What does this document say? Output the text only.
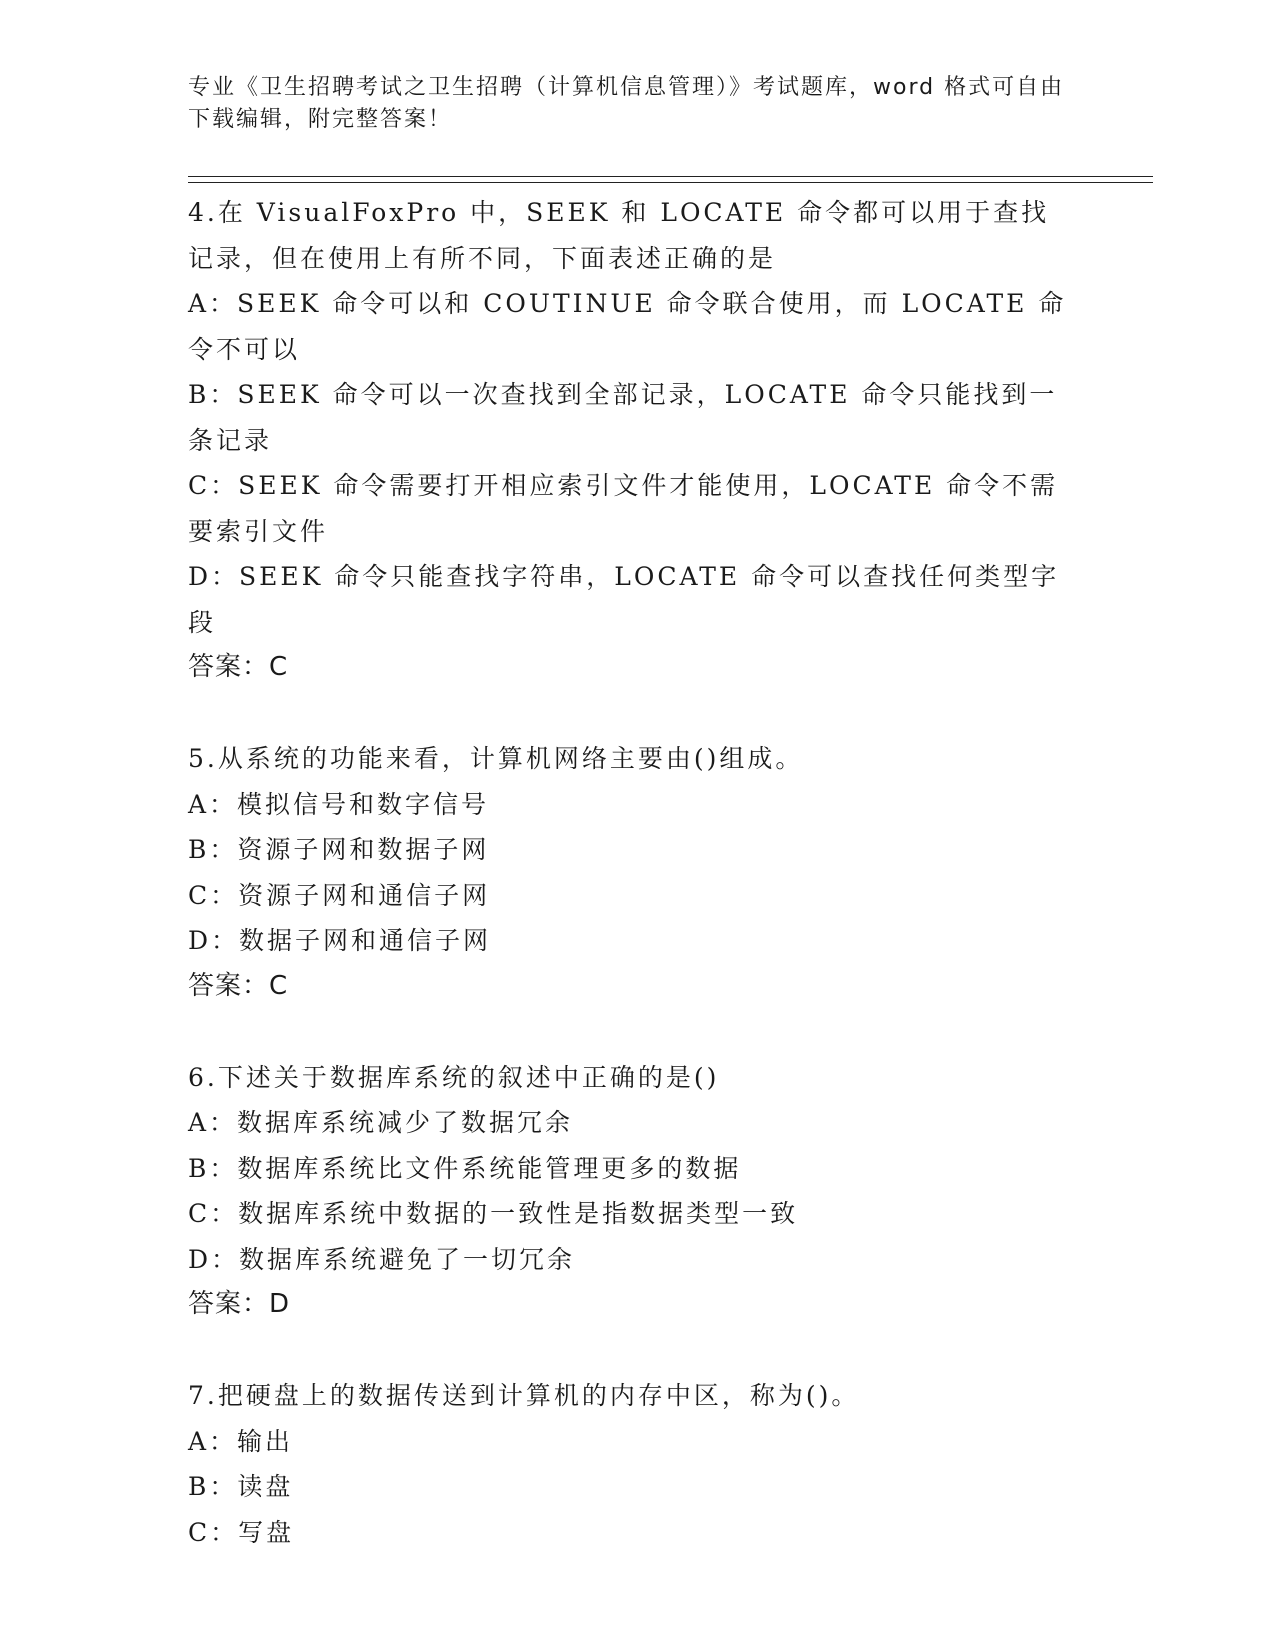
专业《卫生招聘考试之卫生招聘（计算机信息管理）》考试题库，word 格式可自由下载编辑，附完整答案！

4.在 VisualFoxPro 中，SEEK 和 LOCATE 命令都可以用于查找记录，但在使用上有所不同，下面表述正确的是

A：SEEK 命令可以和 COUTINUE 命令联合使用，而 LOCATE 命令不可以

B：SEEK 命令可以一次查找到全部记录，LOCATE 命令只能找到一条记录

C：SEEK 命令需要打开相应索引文件才能使用，LOCATE 命令不需要索引文件

D：SEEK 命令只能查找字符串，LOCATE 命令可以查找任何类型字段

答案：C

5.从系统的功能来看，计算机网络主要由()组成。

A：模拟信号和数字信号

B：资源子网和数据子网

C：资源子网和通信子网

D：数据子网和通信子网

答案：C

6.下述关于数据库系统的叙述中正确的是()

A：数据库系统减少了数据冗余

B：数据库系统比文件系统能管理更多的数据

C：数据库系统中数据的一致性是指数据类型一致

D：数据库系统避免了一切冗余

答案：D

7.把硬盘上的数据传送到计算机的内存中区，称为()。

A：输出

B：读盘

C：写盘
